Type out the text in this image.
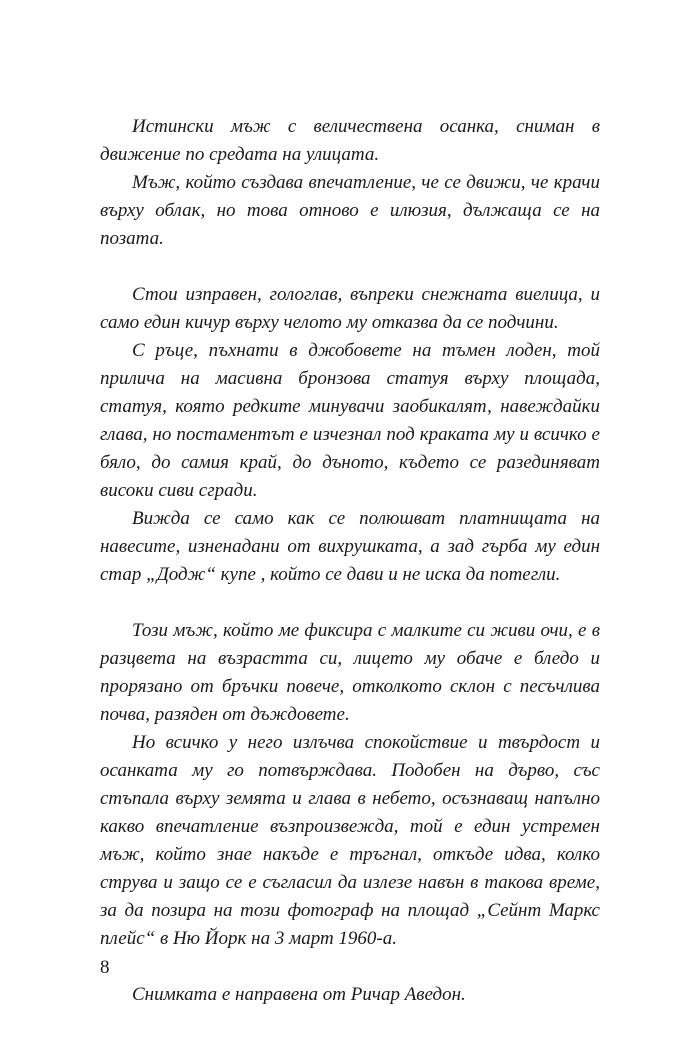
Истински мъж с величествена осанка, сниман в движение по средата на улицата.

Мъж, който създава впечатление, че се движи, че крачи върху облак, но това отново е илюзия, дължаща се на позата.

Стои изправен, гологлав, въпреки снежната виелица, и само един кичур върху челото му отказва да се подчини.

С ръце, пъхнати в джобовете на тъмен лоден, той прилича на масивна бронзова статуя върху площада, статуя, която редките минувачи заобикалят, навеждайки глава, но постаментът е изчезнал под краката му и всичко е бяло, до самия край, до дъното, където се разединяват високи сиви сгради.

Вижда се само как се полюшват платнищата на навесите, изненадани от вихрушката, а зад гърба му един стар „Додж“ купе , който се дави и не иска да потегли.

Този мъж, който ме фиксира с малките си живи очи, е в разцвета на възрастта си, лицето му обаче е бледо и прорязано от бръчки повече, отколкото склон с песъчлива почва, разяден от дъждовете.

Но всичко у него излъчва спокойствие и твърдост и осанката му го потвърждава. Подобен на дърво, със стъпала върху земята и глава в небето, осъзнаващ напълно какво впечатление възпроизвежда, той е един устремен мъж, който знае накъде е тръгнал, откъде идва, колко струва и защо се е съгласил да излезе навън в такова време, за да позира на този фотограф на площад „Сейнт Маркс плейс“ в Ню Йорк на 3 март 1960-а.

Снимката е направена от Ричар Аведон.

8
